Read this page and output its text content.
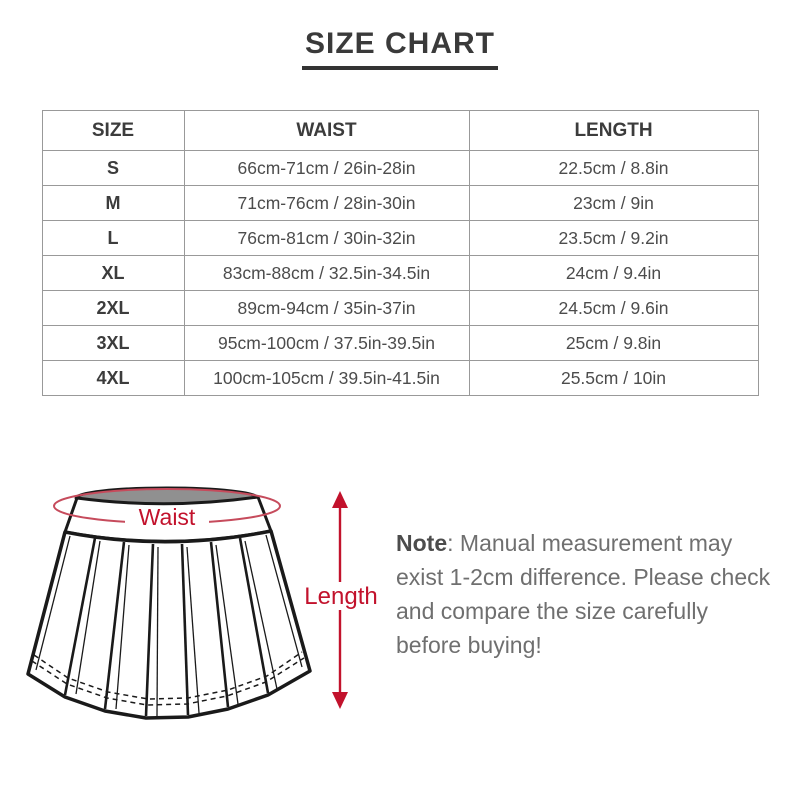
SIZE CHART
SIZE	WAIST	LENGTH
S	66cm-71cm / 26in-28in	22.5cm / 8.8in
M	71cm-76cm / 28in-30in	23cm / 9in
L	76cm-81cm / 30in-32in	23.5cm / 9.2in
XL	83cm-88cm / 32.5in-34.5in	24cm / 9.4in
2XL	89cm-94cm / 35in-37in	24.5cm / 9.6in
3XL	95cm-100cm / 37.5in-39.5in	25cm / 9.8in
4XL	100cm-105cm / 39.5in-41.5in	25.5cm / 10in
Waist
Length
Note: Manual measurement may exist 1-2cm difference. Please check and compare the size carefully before buying!
